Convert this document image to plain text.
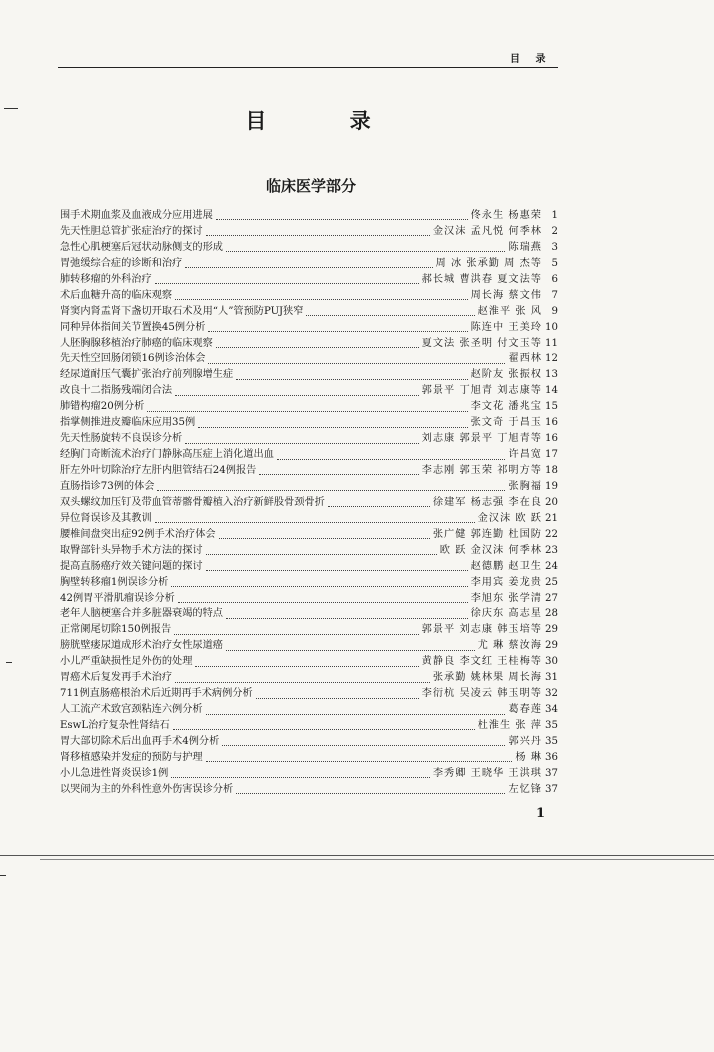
目 录
目 录
临床医学部分
围手术期血浆及血液成分应用进展	佟永生 杨惠荣 1
先天性胆总管扩张症治疗的探讨	金汉沫 孟凡悦 何季林 2
急性心肌梗塞后冠状动脉侧支的形成	陈瑞燕 3
胃弛缓综合症的诊断和治疗	周 冰 张承勤 周 杰等 5
肺转移瘤的外科治疗	郝长城 曹洪春 夏文法等 6
术后血糖升高的临床观察	周长海 蔡文伟 7
肾窦内肾盂肾下盏切开取石术及用“人”管预防PUJ狭窄	赵淮平 张 风 9
同种异体指间关节置换45例分析	陈连中 王美玲 10
人胚胸腺移植治疗肺癌的临床观察	夏文法 张圣明 付文玉等 11
先天性空回肠闭锁16例诊治体会	翟西林 12
经尿道耐压气囊扩张治疗前列腺增生症	赵阶友 张振权 13
改良十二指肠残端闭合法	郭景平 丁旭青 刘志康等 14
肺错构瘤20例分析	李文花 潘兆宝 15
指掌侧推进皮瓣临床应用35例	张文奇 于昌玉 16
先天性肠旋转不良误诊分析	刘志康 郭景平 丁旭青等 16
经胸门奇断流术治疗门静脉高压症上消化道出血	许昌宽 17
肝左外叶切除治疗左肝内胆管结石24例报告	李志刚 郭玉荣 祁明方等 18
直肠指诊73例的体会	张胸福 19
双头螺纹加压钉及带血管蒂髂骨瓣植入治疗新鲜股骨颈骨折	徐建军 杨志强 李在良 20
异位肾误诊及其教训	金汉沫 欧 跃 21
腰椎间盘突出症92例手术治疗体会	张广健 郭连勤 杜国防 22
取臀部针头异物手术方法的探讨	欧 跃 金汉沫 何季林 23
提高直肠癌疗效关键问题的探讨	赵德鹏 赵卫生 24
胸壁转移瘤1例误诊分析	李用宾 姜龙贵 25
42例胃平滑肌瘤误诊分析	李旭东 张学清 27
老年人脑梗塞合并多脏器衰竭的特点	徐庆东 高志星 28
正常阑尾切除150例报告	郭景平 刘志康 韩玉培等 29
膀胱壁瘘尿道成形术治疗女性尿道癌	尤 琳 蔡汝海 29
小儿严重缺损性足外伤的处理	黄静良 李文红 王桂梅等 30
胃癌术后复发再手术治疗	张承勤 姚林果 周长海 31
711例直肠癌根治术后近期再手术病例分析	李衍杭 吴凌云 韩玉明等 32
人工流产术致宫颈粘连六例分析	葛春莲 34
EswL治疗复杂性肾结石	杜淮生 张 萍 35
胃大部切除术后出血再手术4例分析	郭兴丹 35
肾移植感染并发症的预防与护理	杨 琳 36
小儿急进性肾炎误诊1例	李秀卿 王晓华 王洪琪 37
以哭闹为主的外科性意外伤害误诊分析	左忆锋 37
1
